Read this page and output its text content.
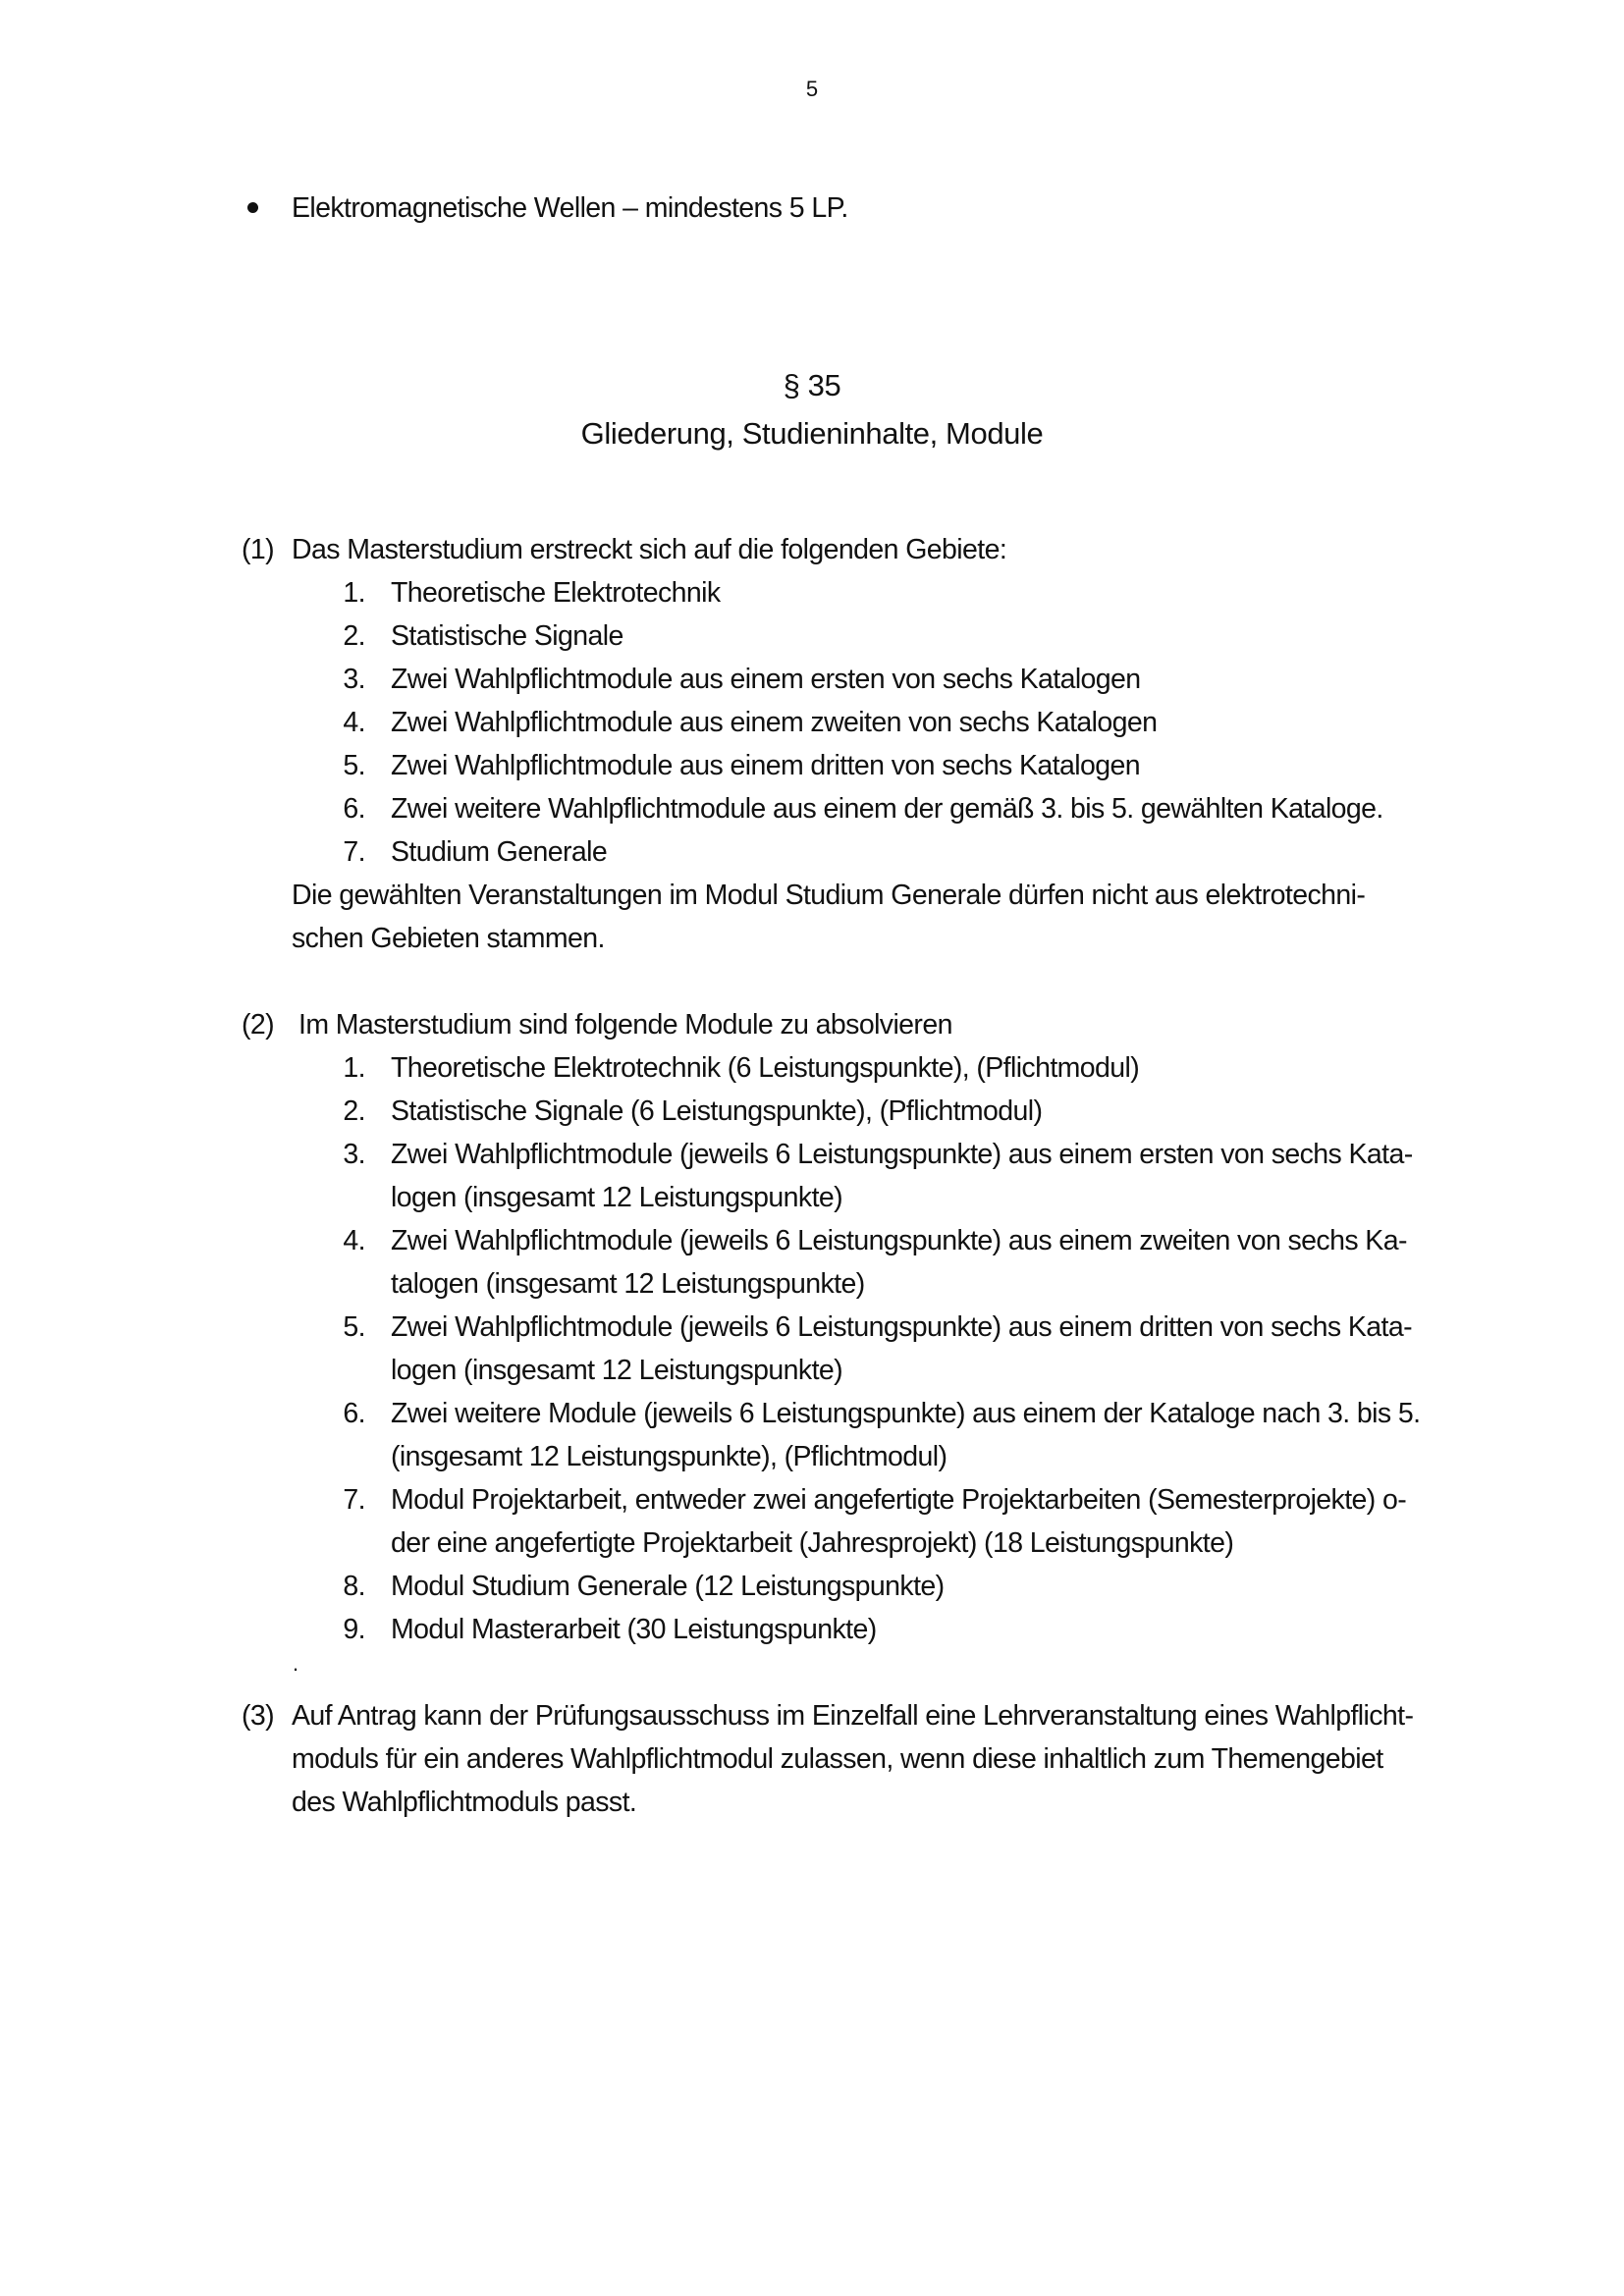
5
Elektromagnetische Wellen – mindestens 5 LP.
§ 35
Gliederung, Studieninhalte, Module
(1) Das Masterstudium erstreckt sich auf die folgenden Gebiete:
1. Theoretische Elektrotechnik
2. Statistische Signale
3. Zwei Wahlpflichtmodule aus einem ersten von sechs Katalogen
4. Zwei Wahlpflichtmodule aus einem zweiten von sechs Katalogen
5. Zwei Wahlpflichtmodule aus einem dritten von sechs Katalogen
6. Zwei weitere Wahlpflichtmodule aus einem der gemäß 3. bis 5. gewählten Kataloge.
7. Studium Generale
Die gewählten Veranstaltungen im Modul Studium Generale dürfen nicht aus elektrotechni-
schen Gebieten stammen.
(2) Im Masterstudium sind folgende Module zu absolvieren
1. Theoretische Elektrotechnik (6 Leistungspunkte), (Pflichtmodul)
2. Statistische Signale (6 Leistungspunkte), (Pflichtmodul)
3. Zwei Wahlpflichtmodule (jeweils 6 Leistungspunkte) aus einem ersten von sechs Kata-
logen (insgesamt 12 Leistungspunkte)
4. Zwei Wahlpflichtmodule (jeweils 6 Leistungspunkte) aus einem zweiten von sechs Ka-
talogen (insgesamt 12 Leistungspunkte)
5. Zwei Wahlpflichtmodule (jeweils 6 Leistungspunkte) aus einem dritten von sechs Kata-
logen (insgesamt 12 Leistungspunkte)
6. Zwei weitere Module (jeweils 6 Leistungspunkte) aus einem der Kataloge nach 3. bis 5.
(insgesamt 12 Leistungspunkte), (Pflichtmodul)
7. Modul Projektarbeit, entweder zwei angefertigte Projektarbeiten (Semesterprojekte) o-
der eine angefertigte Projektarbeit (Jahresprojekt) (18 Leistungspunkte)
8. Modul Studium Generale (12 Leistungspunkte)
9. Modul Masterarbeit (30 Leistungspunkte)
.
(3) Auf Antrag kann der Prüfungsausschuss im Einzelfall eine Lehrveranstaltung eines Wahlpflicht-
moduls für ein anderes Wahlpflichtmodul zulassen, wenn diese inhaltlich zum Themengebiet
des Wahlpflichtmoduls passt.
